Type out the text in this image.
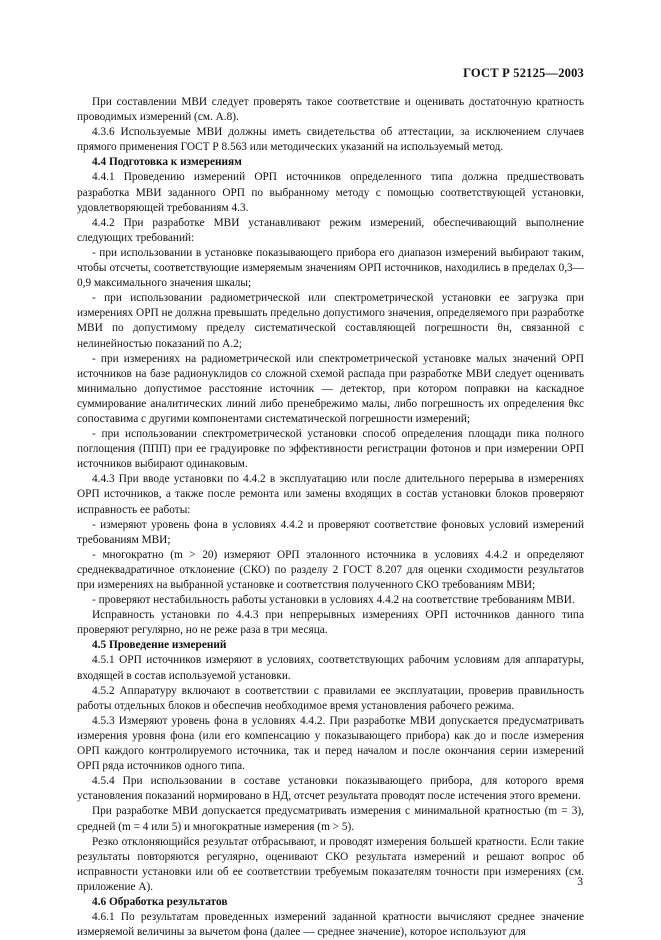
ГОСТ Р 52125—2003

При составлении МВИ следует проверять такое соответствие и оценивать достаточную кратность проводимых измерений (см. А.8).

4.3.6 Используемые МВИ должны иметь свидетельства об аттестации, за исключением случаев прямого применения ГОСТ Р 8.563 или методических указаний на используемый метод.

4.4 Подготовка к измерениям

4.4.1 Проведению измерений ОРП источников определенного типа должна предшествовать разработка МВИ заданного ОРП по выбранному методу с помощью соответствующей установки, удовлетворяющей требованиям 4.3.

4.4.2 При разработке МВИ устанавливают режим измерений, обеспечивающий выполнение следующих требований:

- при использовании в установке показывающего прибора его диапазон измерений выбирают таким, чтобы отсчеты, соответствующие измеряемым значениям ОРП источников, находились в пределах 0,3—0,9 максимального значения шкалы;

- при использовании радиометрической или спектрометрической установки ее загрузка при измерениях ОРП не должна превышать предельно допустимого значения, определяемого при разработке МВИ по допустимому пределу систематической составляющей погрешности θн, связанной с нелинейностью показаний по А.2;

- при измерениях на радиометрической или спектрометрической установке малых значений ОРП источников на базе радионуклидов со сложной схемой распада при разработке МВИ следует оценивать минимально допустимое расстояние источник — детектор, при котором поправки на каскадное суммирование аналитических линий либо пренебрежимо малы, либо погрешность их определения θкс сопоставима с другими компонентами систематической погрешности измерений;

- при использовании спектрометрической установки способ определения площади пика полного поглощения (ППП) при ее градуировке по эффективности регистрации фотонов и при измерении ОРП источников выбирают одинаковым.

4.4.3 При вводе установки по 4.4.2 в эксплуатацию или после длительного перерыва в измерениях ОРП источников, а также после ремонта или замены входящих в состав установки блоков проверяют исправность ее работы:

- измеряют уровень фона в условиях 4.4.2 и проверяют соответствие фоновых условий измерений требованиям МВИ;

- многократно (m > 20) измеряют ОРП эталонного источника в условиях 4.4.2 и определяют среднеквадратичное отклонение (СКО) по разделу 2 ГОСТ 8.207 для оценки сходимости результатов при измерениях на выбранной установке и соответствия полученного СКО требованиям МВИ;

- проверяют нестабильность работы установки в условиях 4.4.2 на соответствие требованиям МВИ.

Исправность установки по 4.4.3 при непрерывных измерениях ОРП источников данного типа проверяют регулярно, но не реже раза в три месяца.

4.5 Проведение измерений

4.5.1 ОРП источников измеряют в условиях, соответствующих рабочим условиям для аппаратуры, входящей в состав используемой установки.

4.5.2 Аппаратуру включают в соответствии с правилами ее эксплуатации, проверив правильность работы отдельных блоков и обеспечив необходимое время установления рабочего режима.

4.5.3 Измеряют уровень фона в условиях 4.4.2. При разработке МВИ допускается предусматривать измерения уровня фона (или его компенсацию у показывающего прибора) как до и после измерения ОРП каждого контролируемого источника, так и перед началом и после окончания серии измерений ОРП ряда источников одного типа.

4.5.4 При использовании в составе установки показывающего прибора, для которого время установления показаний нормировано в НД, отсчет результата проводят после истечения этого времени.

При разработке МВИ допускается предусматривать измерения с минимальной кратностью (m = 3), средней (m = 4 или 5) и многократные измерения (m > 5).

Резко отклоняющийся результат отбрасывают, и проводят измерения большей кратности. Если такие результаты повторяются регулярно, оценивают СКО результата измерений и решают вопрос об исправности установки или об ее соответствии требуемым показателям точности при измерениях (см. приложение А).

4.6 Обработка результатов

4.6.1 По результатам проведенных измерений заданной кратности вычисляют среднее значение измеряемой величины за вычетом фона (далее — среднее значение), которое используют для

3
